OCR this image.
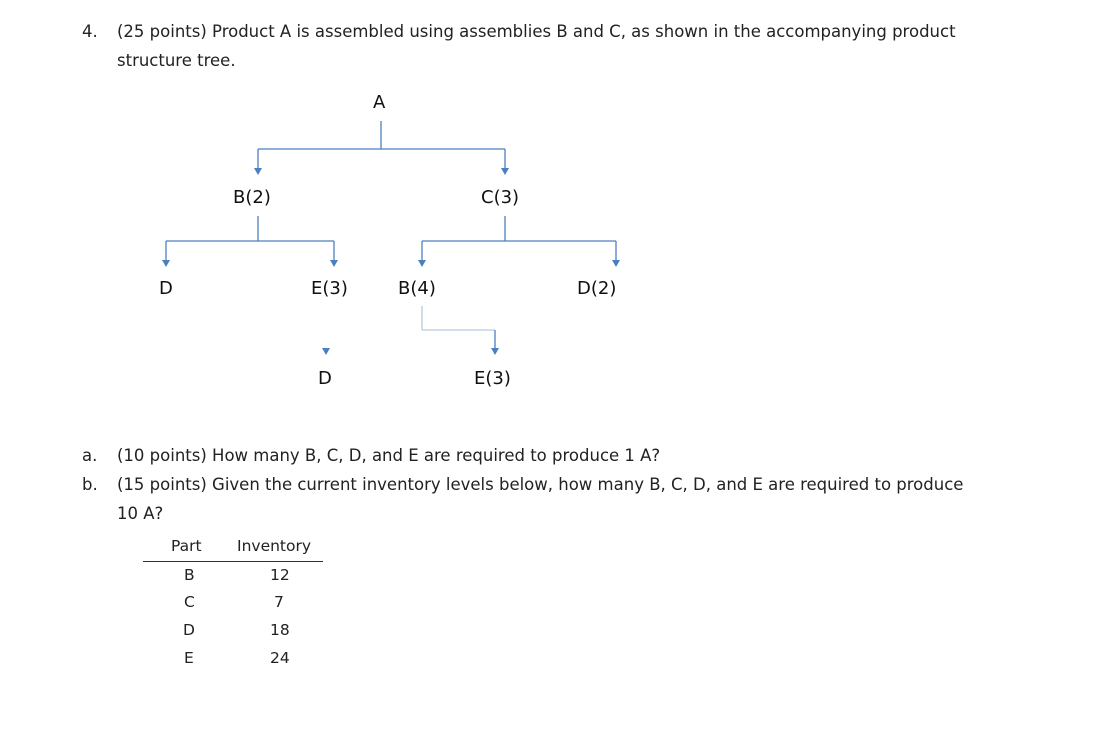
4. (25 points) Product A is assembled using assemblies B and C, as shown in the accompanying product
structure tree.
A
B(2)	C(3)
D	E(3)	B(4)	D(2)
D	E(3)
a. (10 points) How many B, C, D, and E are required to produce 1 A?
b. (15 points) Given the current inventory levels below, how many B, C, D, and E are required to produce
10 A?
Part Inventory
B	12
C	7
D	18
E	24
